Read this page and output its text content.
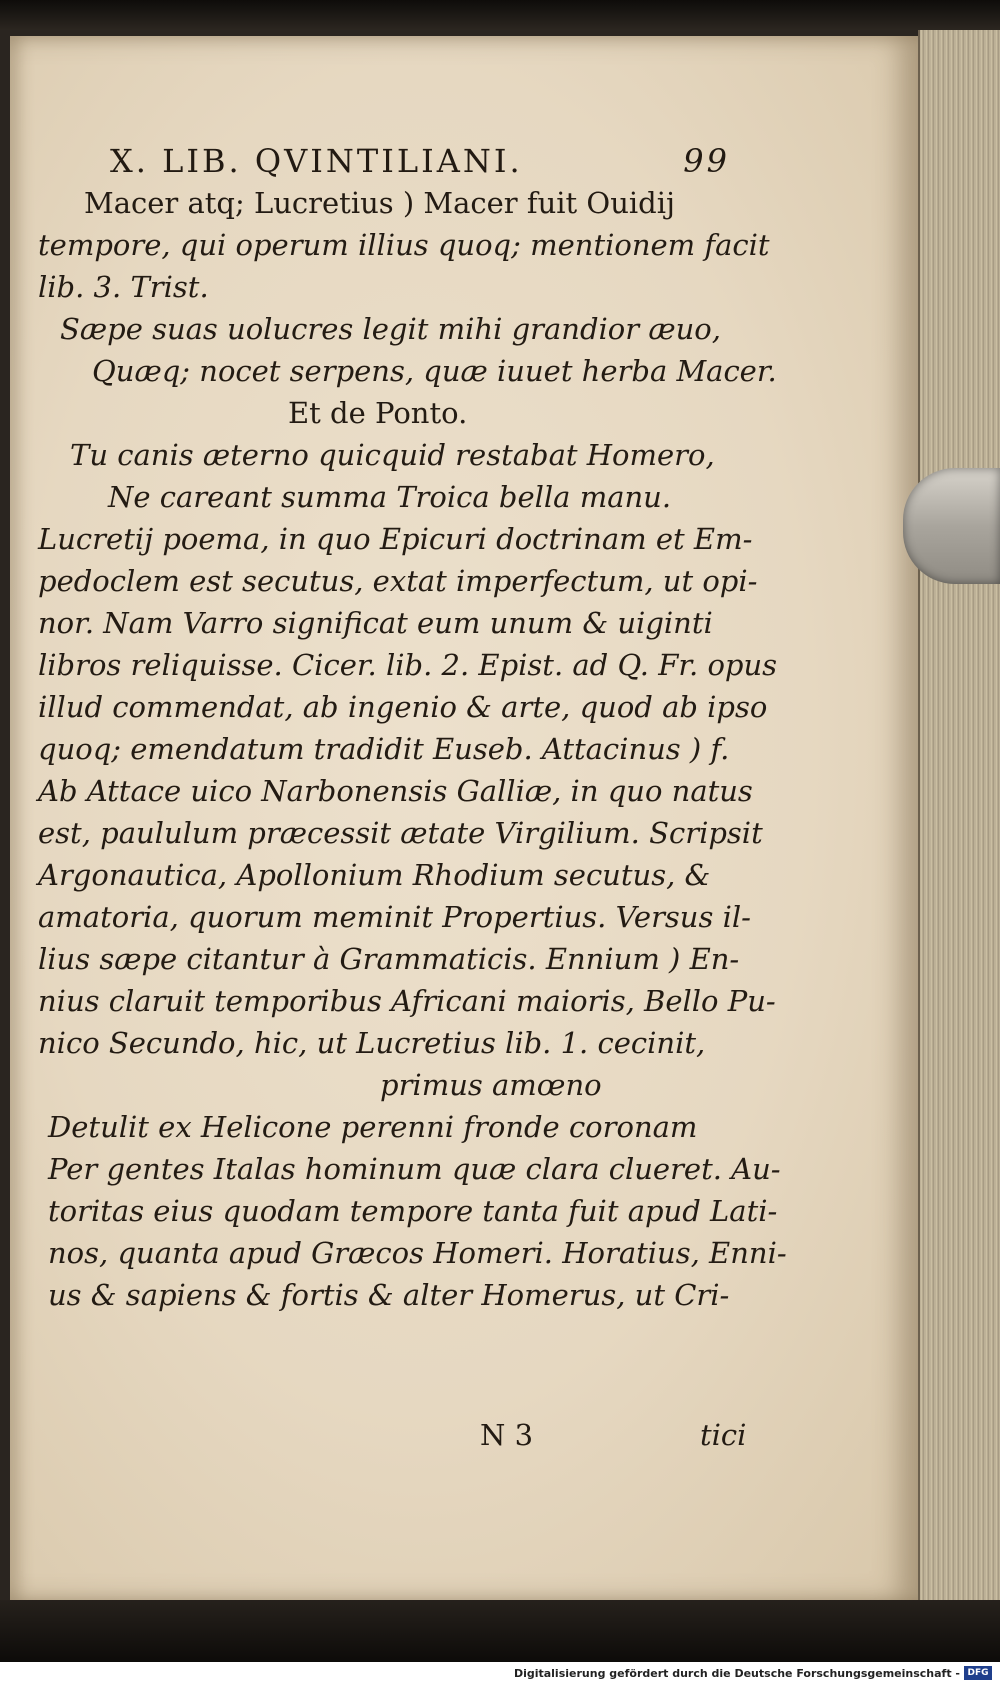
X. LIB. QVINTILIANI.	99
Macer atq; Lucretius ) Macer fuit Ouidij
tempore, qui operum illius quoq; mentionem facit
lib. 3. Trist.
Sæpe suas uolucres legit mihi grandior æuo,
Quæq; nocet serpens, quæ iuuet herba Macer.
Et de Ponto.
Tu canis æterno quicquid restabat Homero,
Ne careant summa Troica bella manu.
Lucretij poema, in quo Epicuri doctrinam et Em-
pedoclem est secutus, extat imperfectum, ut opi-
nor. Nam Varro significat eum unum & uiginti
libros reliquisse. Cicer. lib. 2. Epist. ad Q. Fr. opus
illud commendat, ab ingenio & arte, quod ab ipso
quoq; emendatum tradidit Euseb. Attacinus ) f.
Ab Attace uico Narbonensis Galliæ, in quo natus
est, paululum præcessit ætate Virgilium. Scripsit
Argonautica, Apollonium Rhodium secutus, &
amatoria, quorum meminit Propertius. Versus il-
lius sæpe citantur à Grammaticis. Ennium ) En-
nius claruit temporibus Africani maioris, Bello Pu-
nico Secundo, hic, ut Lucretius lib. 1. cecinit,
primus amœno
Detulit ex Helicone perenni fronde coronam
Per gentes Italas hominum quæ clara clueret. Au-
toritas eius quodam tempore tanta fuit apud Lati-
nos, quanta apud Græcos Homeri. Horatius, Enni-
us & sapiens & fortis & alter Homerus, ut Cri-
N 3	tici
Digitalisierung gefördert durch die Deutsche Forschungsgemeinschaft - DFG
